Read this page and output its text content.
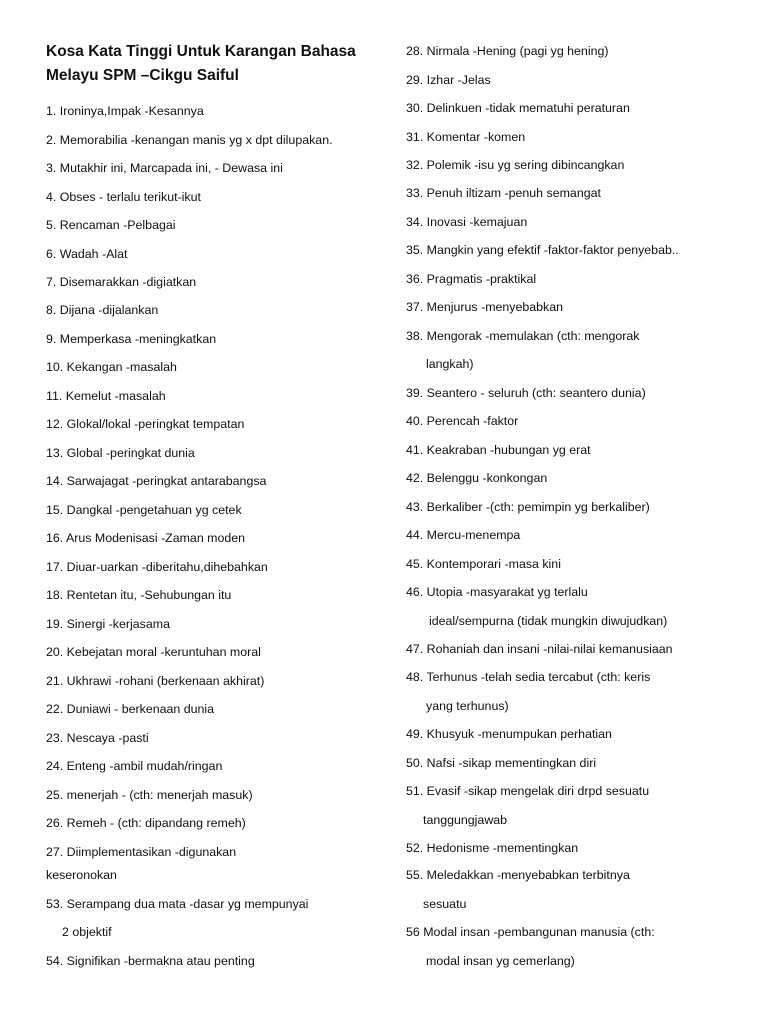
Kosa Kata Tinggi Untuk Karangan Bahasa Melayu SPM –Cikgu Saiful
1. Ironinya,Impak -Kesannya
2. Memorabilia -kenangan manis yg x dpt dilupakan.
3. Mutakhir ini, Marcapada ini, - Dewasa ini
4. Obses - terlalu terikut-ikut
5. Rencaman -Pelbagai
6. Wadah -Alat
7. Disemarakkan -digiatkan
8. Dijana -dijalankan
9. Memperkasa -meningkatkan
10. Kekangan -masalah
11. Kemelut -masalah
12. Glokal/lokal -peringkat tempatan
13. Global -peringkat dunia
14. Sarwajagat -peringkat antarabangsa
15. Dangkal -pengetahuan yg cetek
16. Arus Modenisasi -Zaman moden
17. Diuar-uarkan -diberitahu,dihebahkan
18. Rentetan itu, -Sehubungan itu
19. Sinergi -kerjasama
20. Kebejatan moral -keruntuhan moral
21. Ukhrawi -rohani (berkenaan akhirat)
22. Duniawi - berkenaan dunia
23. Nescaya -pasti
24. Enteng -ambil mudah/ringan
25. menerjah - (cth: menerjah masuk)
26. Remeh - (cth: dipandang remeh)
27. Diimplementasikan -digunakan
keseronokan
53. Serampang dua mata -dasar yg mempunyai
2 objektif
54. Signifikan -bermakna atau penting
28. Nirmala -Hening (pagi yg hening)
29. Izhar -Jelas
30. Delinkuen -tidak mematuhi peraturan
31. Komentar -komen
32. Polemik -isu yg sering dibincangkan
33. Penuh iltizam -penuh semangat
34. Inovasi -kemajuan
35. Mangkin yang efektif -faktor-faktor penyebab..
36. Pragmatis -praktikal
37. Menjurus -menyebabkan
38. Mengorak -memulakan (cth: mengorak
langkah)
39. Seantero - seluruh (cth: seantero dunia)
40. Perencah -faktor
41. Keakraban -hubungan yg erat
42. Belenggu -konkongan
43. Berkaliber -(cth: pemimpin yg berkaliber)
44. Mercu-menempa
45. Kontemporari -masa kini
46. Utopia -masyarakat yg terlalu
ideal/sempurna (tidak mungkin diwujudkan)
47. Rohaniah dan insani -nilai-nilai kemanusiaan
48. Terhunus -telah sedia tercabut (cth: keris
yang terhunus)
49. Khusyuk -menumpukan perhatian
50. Nafsi -sikap mementingkan diri
51. Evasif -sikap mengelak diri drpd sesuatu
tanggungjawab
52. Hedonisme -mementingkan
55. Meledakkan -menyebabkan terbitnya
sesuatu
56 Modal insan -pembangunan manusia (cth:
modal insan yg cemerlang)
